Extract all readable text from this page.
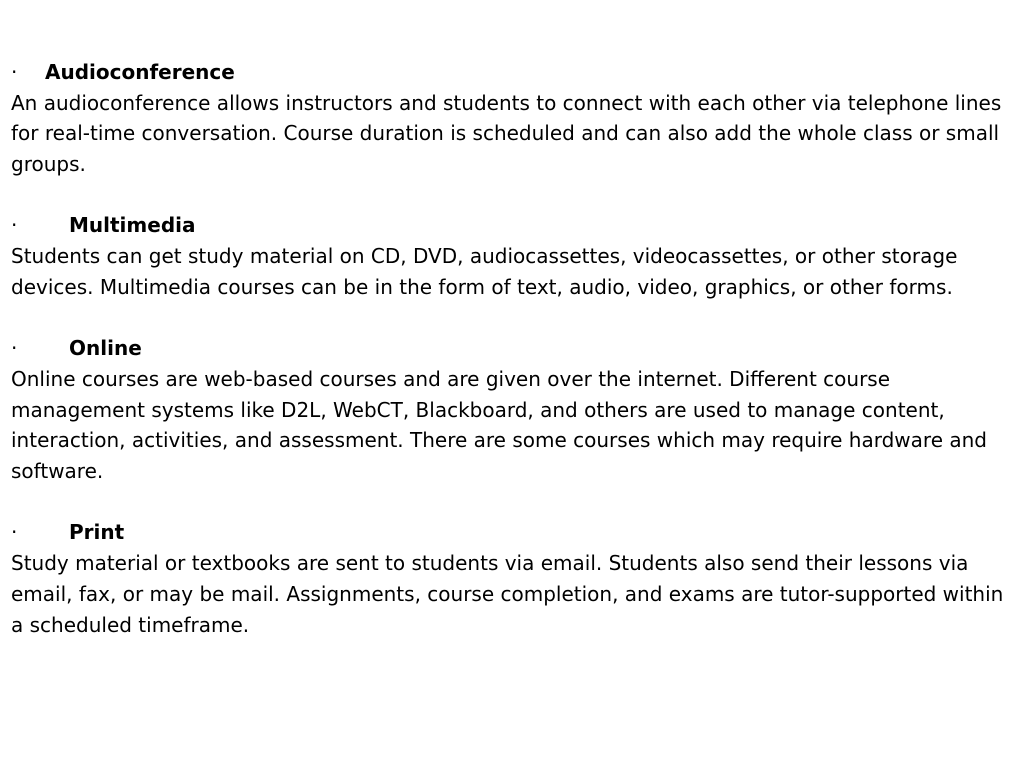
· Audioconference

An audioconference allows instructors and students to connect with each other via telephone lines for real-time conversation. Course duration is scheduled and can also add the whole class or small groups.

·	Multimedia

Students can get study material on CD, DVD, audiocassettes, videocassettes, or other storage devices. Multimedia courses can be in the form of text, audio, video, graphics, or other forms.

·	Online

Online courses are web-based courses and are given over the internet. Different course management systems like D2L, WebCT, Blackboard, and others are used to manage content, interaction, activities, and assessment. There are some courses which may require hardware and software.

·	Print

Study material or textbooks are sent to students via email. Students also send their lessons via email, fax, or may be mail. Assignments, course completion, and exams are tutor-supported within a scheduled timeframe.
